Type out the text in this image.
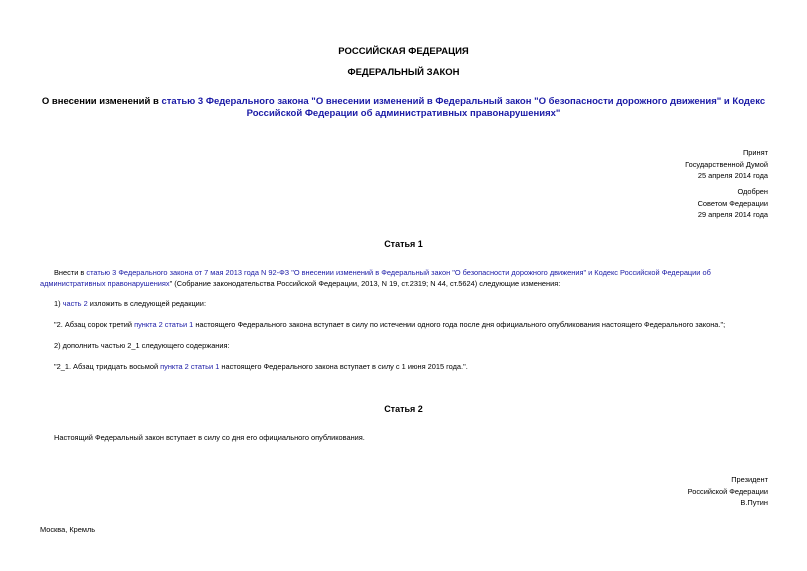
РОССИЙСКАЯ ФЕДЕРАЦИЯ
ФЕДЕРАЛЬНЫЙ ЗАКОН
О внесении изменений в статью 3 Федерального закона "О внесении изменений в Федеральный закон "О безопасности дорожного движения" и Кодекс Российской Федерации об административных правонарушениях"
Принят
Государственной Думой
25 апреля 2014 года
Одобрен
Советом Федерации
29 апреля 2014 года
Статья 1
Внести в статью 3 Федерального закона от 7 мая 2013 года N 92-ФЗ "О внесении изменений в Федеральный закон "О безопасности дорожного движения" и Кодекс Российской Федерации об административных правонарушениях" (Собрание законодательства Российской Федерации, 2013, N 19, ст.2319; N 44, ст.5624) следующие изменения:
1) часть 2 изложить в следующей редакции:
"2. Абзац сорок третий пункта 2 статьи 1 настоящего Федерального закона вступает в силу по истечении одного года после дня официального опубликования настоящего Федерального закона.";
2) дополнить частью 2_1 следующего содержания:
"2_1. Абзац тридцать восьмой пункта 2 статьи 1 настоящего Федерального закона вступает в силу с 1 июня 2015 года.".
Статья 2
Настоящий Федеральный закон вступает в силу со дня его официального опубликования.
Президент
Российской Федерации
В.Путин
Москва, Кремль
